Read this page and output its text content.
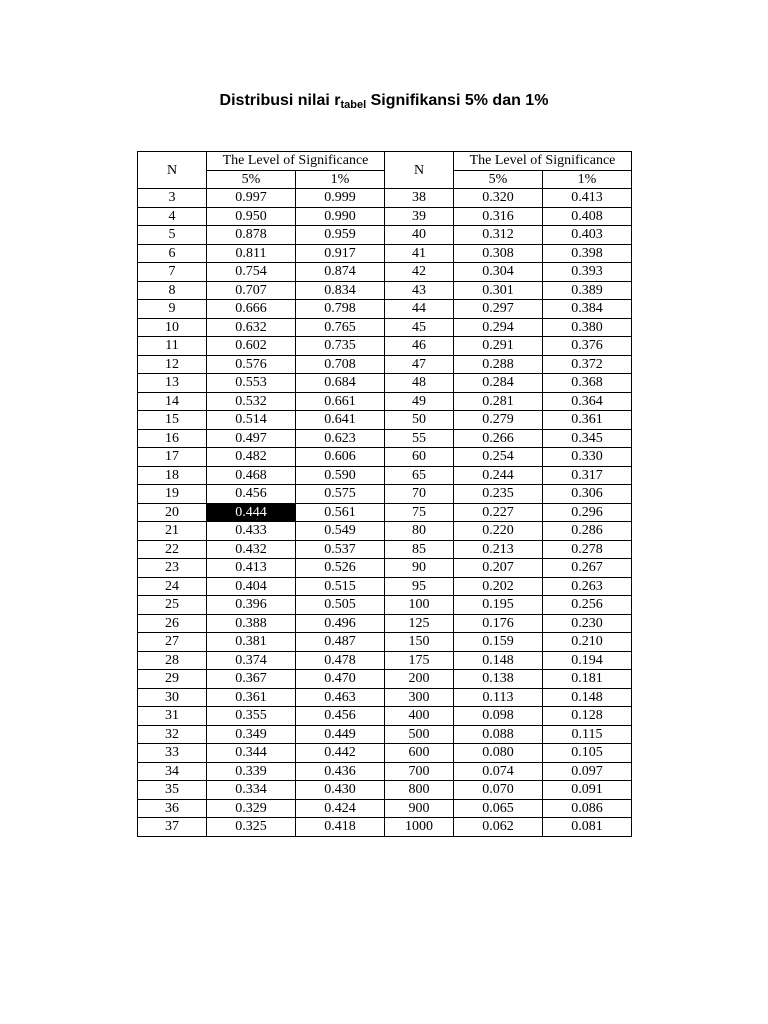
Distribusi nilai $r_{tabel}$ Signifikansi 5% dan 1%
N	The Level of Significance		N	The Level of Significance	
	5%	1%		5%	1%
3	0.997	0.999	38	0.320	0.413
4	0.950	0.990	39	0.316	0.408
5	0.878	0.959	40	0.312	0.403
6	0.811	0.917	41	0.308	0.398
7	0.754	0.874	42	0.304	0.393
8	0.707	0.834	43	0.301	0.389
9	0.666	0.798	44	0.297	0.384
10	0.632	0.765	45	0.294	0.380
11	0.602	0.735	46	0.291	0.376
12	0.576	0.708	47	0.288	0.372
13	0.553	0.684	48	0.284	0.368
14	0.532	0.661	49	0.281	0.364
15	0.514	0.641	50	0.279	0.361
16	0.497	0.623	55	0.266	0.345
17	0.482	0.606	60	0.254	0.330
18	0.468	0.590	65	0.244	0.317
19	0.456	0.575	70	0.235	0.306
20	0.444	0.561	75	0.227	0.296
21	0.433	0.549	80	0.220	0.286
22	0.432	0.537	85	0.213	0.278
23	0.413	0.526	90	0.207	0.267
24	0.404	0.515	95	0.202	0.263
25	0.396	0.505	100	0.195	0.256
26	0.388	0.496	125	0.176	0.230
27	0.381	0.487	150	0.159	0.210
28	0.374	0.478	175	0.148	0.194
29	0.367	0.470	200	0.138	0.181
30	0.361	0.463	300	0.113	0.148
31	0.355	0.456	400	0.098	0.128
32	0.349	0.449	500	0.088	0.115
33	0.344	0.442	600	0.080	0.105
34	0.339	0.436	700	0.074	0.097
35	0.334	0.430	800	0.070	0.091
36	0.329	0.424	900	0.065	0.086
37	0.325	0.418	1000	0.062	0.081
